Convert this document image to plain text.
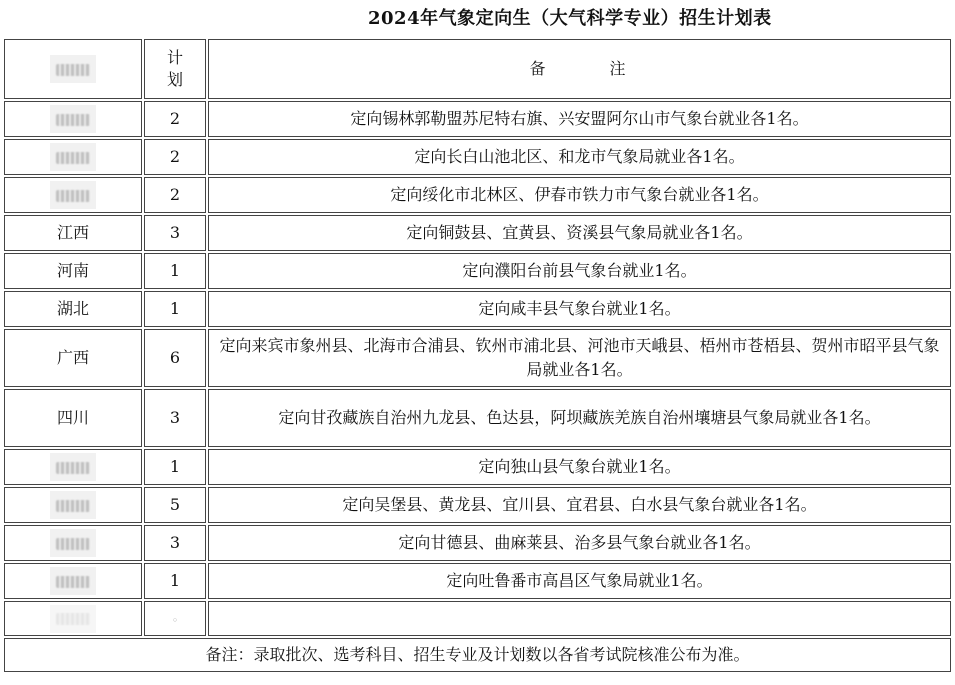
2024年气象定向生（大气科学专业）招生计划表
	计划	备 注
	2	定向锡林郭勒盟苏尼特右旗、兴安盟阿尔山市气象台就业各1名。

	2	定向长白山池北区、和龙市气象局就业各1名。

	2	定向绥化市北林区、伊春市铁力市气象台就业各1名。

江西	3	定向铜鼓县、宜黄县、资溪县气象局就业各1名。

河南	1	定向濮阳台前县气象台就业1名。

湖北	1	定向咸丰县气象台就业1名。

广西	6	定向来宾市象州县、北海市合浦县、钦州市浦北县、河池市天峨县、梧州市苍梧县、贺州市昭平县气象局就业各1名。

四川	3	定向甘孜藏族自治州九龙县、色达县，阿坝藏族羌族自治州壤塘县气象局就业各1名。

	1	定向独山县气象台就业1名。

	5	定向吴堡县、黄龙县、宜川县、宜君县、白水县气象台就业各1名。

	3	定向甘德县、曲麻莱县、治多县气象台就业各1名。

	1	定向吐鲁番市高昌区气象局就业1名。

	◦	
备注：录取批次、选考科目、招生专业及计划数以各省考试院核准公布为准。		
